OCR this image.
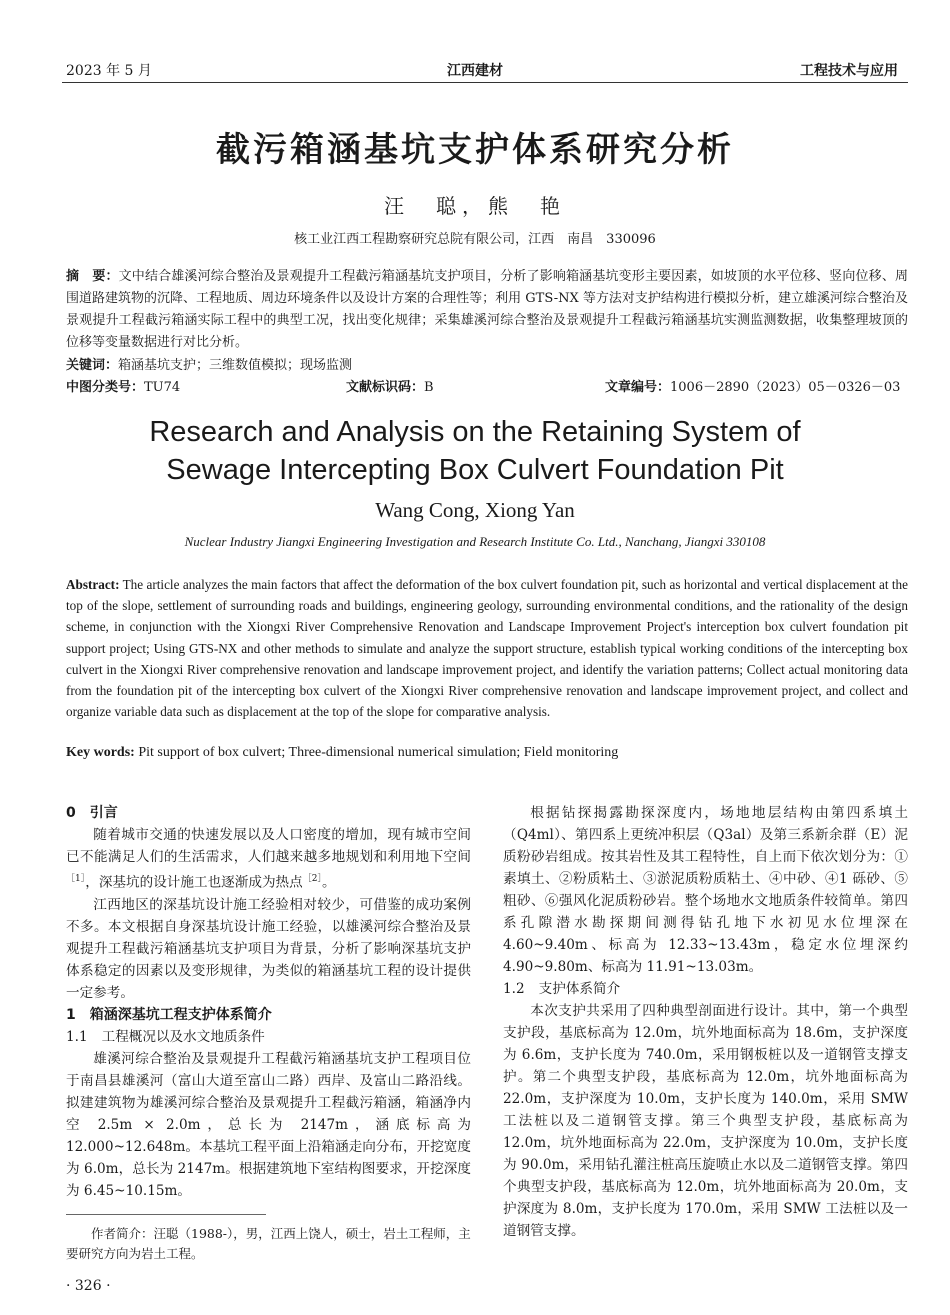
2023 年 5 月	江西建材	工程技术与应用
截污箱涵基坑支护体系研究分析
汪　聪，熊　艳
核工业江西工程勘察研究总院有限公司，江西　南昌　330096
摘　要：文中结合雄溪河综合整治及景观提升工程截污箱涵基坑支护项目，分析了影响箱涵基坑变形主要因素，如坡顶的水平位移、竖向位移、周围道路建筑物的沉降、工程地质、周边环境条件以及设计方案的合理性等；利用 GTS-NX 等方法对支护结构进行模拟分析，建立雄溪河综合整治及景观提升工程截污箱涵实际工程中的典型工况，找出变化规律；采集雄溪河综合整治及景观提升工程截污箱涵基坑实测监测数据，收集整理坡顶的位移等变量数据进行对比分析。
关键词：箱涵基坑支护；三维数值模拟；现场监测
中图分类号：TU74	文献标识码：B	文章编号：1006－2890（2023）05－0326－03
Research and Analysis on the Retaining System of
Sewage Intercepting Box Culvert Foundation Pit
Wang Cong, Xiong Yan
Nuclear Industry Jiangxi Engineering Investigation and Research Institute Co. Ltd., Nanchang, Jiangxi 330108
Abstract: The article analyzes the main factors that affect the deformation of the box culvert foundation pit, such as horizontal and vertical displacement at the top of the slope, settlement of surrounding roads and buildings, engineering geology, surrounding environmental conditions, and the rationality of the design scheme, in conjunction with the Xiongxi River Comprehensive Renovation and Landscape Improvement Project's interception box culvert foundation pit support project; Using GTS-NX and other methods to simulate and analyze the support structure, establish typical working conditions of the intercepting box culvert in the Xiongxi River comprehensive renovation and landscape improvement project, and identify the variation patterns; Collect actual monitoring data from the foundation pit of the intercepting box culvert of the Xiongxi River comprehensive renovation and landscape improvement project, and collect and organize variable data such as displacement at the top of the slope for comparative analysis.
Key words: Pit support of box culvert; Three-dimensional numerical simulation; Field monitoring
0 引言

随着城市交通的快速发展以及人口密度的增加，现有城市空间已不能满足人们的生活需求，人们越来越多地规划和利用地下空间$^{[1]}$，深基坑的设计施工也逐渐成为热点$^{[2]}$。

江西地区的深基坑设计施工经验相对较少，可借鉴的成功案例不多。本文根据自身深基坑设计施工经验，以雄溪河综合整治及景观提升工程截污箱涵基坑支护项目为背景，分析了影响深基坑支护体系稳定的因素以及变形规律，为类似的箱涵基坑工程的设计提供一定参考。

1 箱涵深基坑工程支护体系简介
1.1 工程概况以及水文地质条件

雄溪河综合整治及景观提升工程截污箱涵基坑支护工程项目位于南昌县雄溪河（富山大道至富山二路）西岸、及富山二路沿线。拟建建筑物为雄溪河综合整治及景观提升工程截污箱涵，箱涵净内空 2.5m × 2.0m，总长为 2147m，涵底标高为 12.000~12.648m。本基坑工程平面上沿箱涵走向分布，开挖宽度为 6.0m，总长为 2147m。根据建筑地下室结构图要求，开挖深度为 6.45~10.15m。

根据钻探揭露勘探深度内，场地地层结构由第四系填土（Q4ml）、第四系上更统冲积层（Q3al）及第三系新余群（E）泥质粉砂岩组成。按其岩性及其工程特性，自上而下依次划分为：①素填土、②粉质粘土、③淤泥质粉质粘土、④中砂、④1 砾砂、⑤粗砂、⑥强风化泥质粉砂岩。整个场地水文地质条件较简单。第四系孔隙潜水勘探期间测得钻孔地下水初见水位埋深在 4.60~9.40m、标高为 12.33~13.43m，稳定水位埋深约 4.90~9.80m、标高为 11.91~13.03m。

1.2 支护体系简介

本次支护共采用了四种典型剖面进行设计。其中，第一个典型支护段，基底标高为 12.0m，坑外地面标高为 18.6m，支护深度为 6.6m，支护长度为 740.0m，采用钢板桩以及一道钢管支撑支护。第二个典型支护段，基底标高为 12.0m，坑外地面标高为 22.0m，支护深度为 10.0m，支护长度为 140.0m，采用 SMW 工法桩以及二道钢管支撑。第三个典型支护段，基底标高为 12.0m，坑外地面标高为 22.0m，支护深度为 10.0m，支护长度为 90.0m，采用钻孔灌注桩高压旋喷止水以及二道钢管支撑。第四个典型支护段，基底标高为 12.0m，坑外地面标高为 20.0m，支护深度为 8.0m，支护长度为 170.0m，采用 SMW 工法桩以及一道钢管支撑。

作者简介：汪聪（1988-），男，江西上饶人，硕士，岩土工程师，主要研究方向为岩土工程。
· 326 ·
